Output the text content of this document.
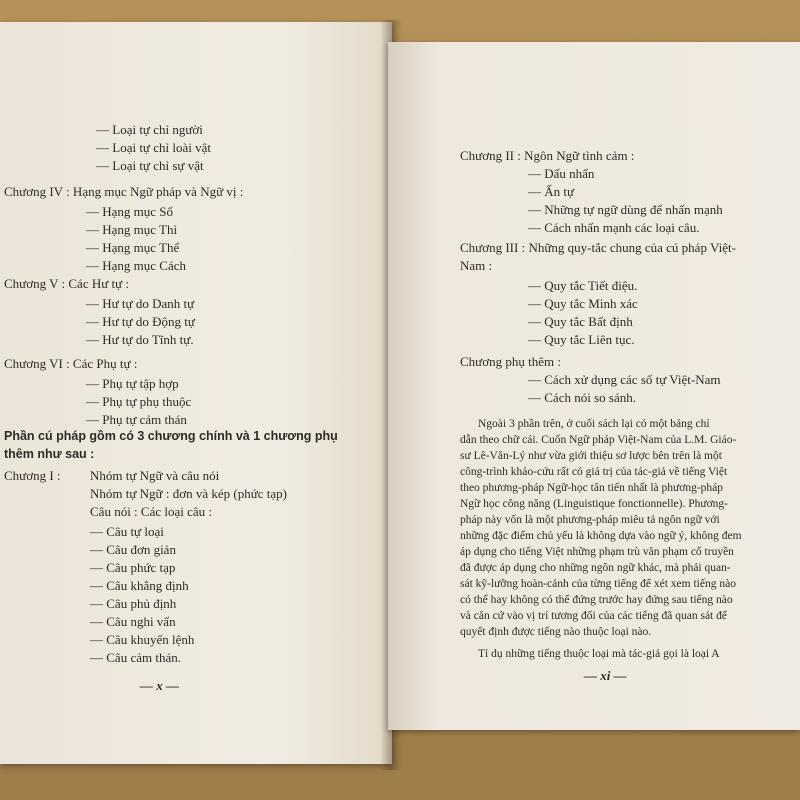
— Loại tự chỉ người
— Loại tự chỉ loài vật
— Loại tự chỉ sự vật
Chương IV : Hạng mục Ngữ pháp và Ngữ vị :
— Hạng mục Số
— Hạng mục Thì
— Hạng mục Thể
— Hạng mục Cách
Chương V : Các Hư tự :
— Hư tự do Danh tự
— Hư tự do Động tự
— Hư tự do Tĩnh tự.
Chương VI : Các Phụ tự :
— Phụ tự tập hợp
— Phụ tự phụ thuộc
— Phụ tự cảm thán
Phần cú pháp gồm có 3 chương chính và 1 chương phụ
thêm như sau :
Chương I : Nhóm tự Ngữ và câu nói
Nhóm tự Ngữ : đơn và kép (phức tạp)
Câu nói : Các loại câu :
— Câu tự loại
— Câu đơn giản
— Câu phức tạp
— Câu khẳng định
— Câu phủ định
— Câu nghi vấn
— Câu khuyến lệnh
— Câu cảm thán.
— x —
Chương II : Ngôn Ngữ tình cảm :
— Dấu nhấn
— Ấn tự
— Những tự ngữ dùng để nhấn mạnh
— Cách nhấn mạnh các loại câu.
Chương III : Những quy-tắc chung của cú pháp Việt-
Nam :
— Quy tắc Tiết điệu.
— Quy tắc Minh xác
— Quy tắc Bất định
— Quy tắc Liên tục.
Chương phụ thêm :
— Cách xử dụng các số tự Việt-Nam
— Cách nói so sánh.
Ngoài 3 phần trên, ở cuối sách lại có một bảng chỉ
dẫn theo chữ cái. Cuốn Ngữ pháp Việt-Nam của L.M. Giáo-
sư Lê-Văn-Lý như vừa giới thiệu sơ lược bên trên là một
công-trình khảo-cứu rất có giá trị của tác-giả về tiếng Việt
theo phương-pháp Ngữ-học tân tiến nhất là phương-pháp
Ngữ học công năng (Linguistique fonctionnelle). Phương-
pháp này vốn là một phương-pháp miêu tả ngôn ngữ với
những đặc điểm chủ yếu là không dựa vào ngữ ý, không đem
áp dụng cho tiếng Việt những phạm trù văn phạm cổ truyền
đã được áp dụng cho những ngôn ngữ khác, mà phải quan-
sát kỹ-lưỡng hoàn-cảnh của từng tiếng để xét xem tiếng nào
có thể hay không có thể đứng trước hay đứng sau tiếng nào
và căn cứ vào vị trí tương đối của các tiếng đã quan sát để
quyết định được tiếng nào thuộc loại nào.
Tỉ dụ những tiếng thuộc loại mà tác-giả gọi là loại A
— xi —
